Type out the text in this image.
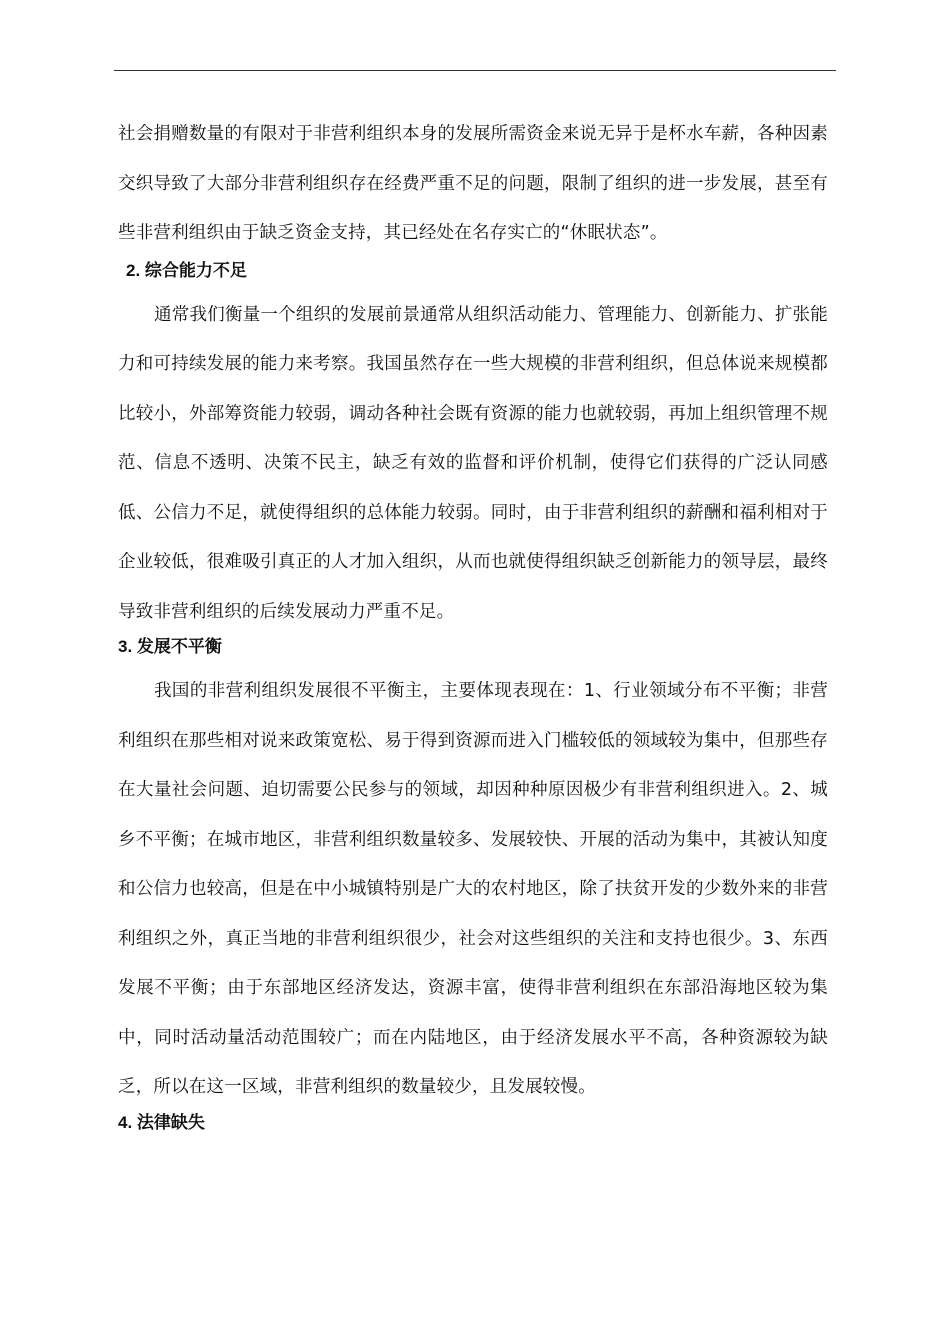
社会捐赠数量的有限对于非营利组织本身的发展所需资金来说无异于是杯水车薪，各种因素交织导致了大部分非营利组织存在经费严重不足的问题，限制了组织的进一步发展，甚至有些非营利组织由于缺乏资金支持，其已经处在名存实亡的“休眠状态”。

2. 综合能力不足

通常我们衡量一个组织的发展前景通常从组织活动能力、管理能力、创新能力、扩张能力和可持续发展的能力来考察。我国虽然存在一些大规模的非营利组织，但总体说来规模都比较小，外部筹资能力较弱，调动各种社会既有资源的能力也就较弱，再加上组织管理不规范、信息不透明、决策不民主，缺乏有效的监督和评价机制，使得它们获得的广泛认同感低、公信力不足，就使得组织的总体能力较弱。同时，由于非营利组织的薪酬和福利相对于企业较低，很难吸引真正的人才加入组织，从而也就使得组织缺乏创新能力的领导层，最终导致非营利组织的后续发展动力严重不足。

3. 发展不平衡

我国的非营利组织发展很不平衡主，主要体现表现在：1、行业领域分布不平衡；非营利组织在那些相对说来政策宽松、易于得到资源而进入门槛较低的领域较为集中，但那些存在大量社会问题、迫切需要公民参与的领域，却因种种原因极少有非营利组织进入。2、城乡不平衡；在城市地区，非营利组织数量较多、发展较快、开展的活动为集中，其被认知度和公信力也较高，但是在中小城镇特别是广大的农村地区，除了扶贫开发的少数外来的非营利组织之外，真正当地的非营利组织很少，社会对这些组织的关注和支持也很少。3、东西发展不平衡；由于东部地区经济发达，资源丰富，使得非营利组织在东部沿海地区较为集中，同时活动量活动范围较广；而在内陆地区，由于经济发展水平不高，各种资源较为缺乏，所以在这一区域，非营利组织的数量较少，且发展较慢。

4. 法律缺失
